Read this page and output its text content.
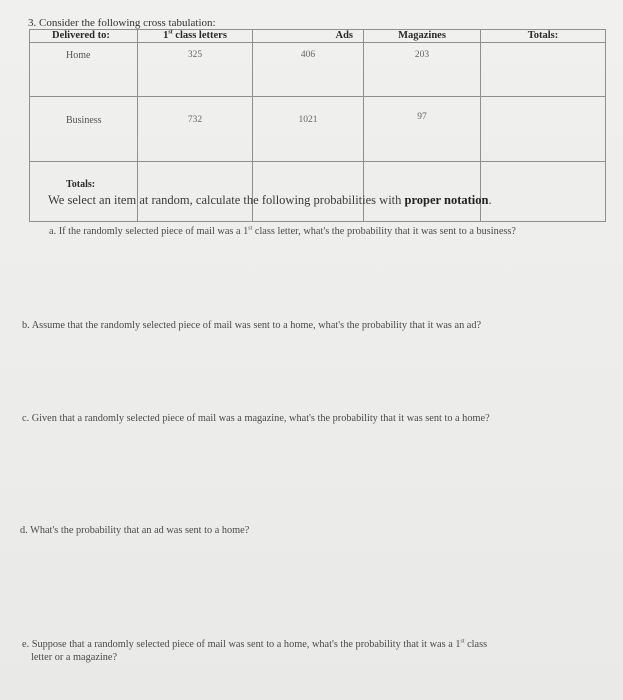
3. Consider the following cross tabulation:
Delivered to:	1st class letters	Ads	Magazines	Totals:
Home	325	406	203	
Business	732	1021	97	
Totals:				
We select an item at random, calculate the following probabilities with proper notation.
a. If the randomly selected piece of mail was a 1st class letter, what's the probability that it was sent to a business?
b. Assume that the randomly selected piece of mail was sent to a home, what's the probability that it was an ad?
c. Given that a randomly selected piece of mail was a magazine, what's the probability that it was sent to a home?
d. What's the probability that an ad was sent to a home?
e. Suppose that a randomly selected piece of mail was sent to a home, what's the probability that it was a 1st class
letter or a magazine?
